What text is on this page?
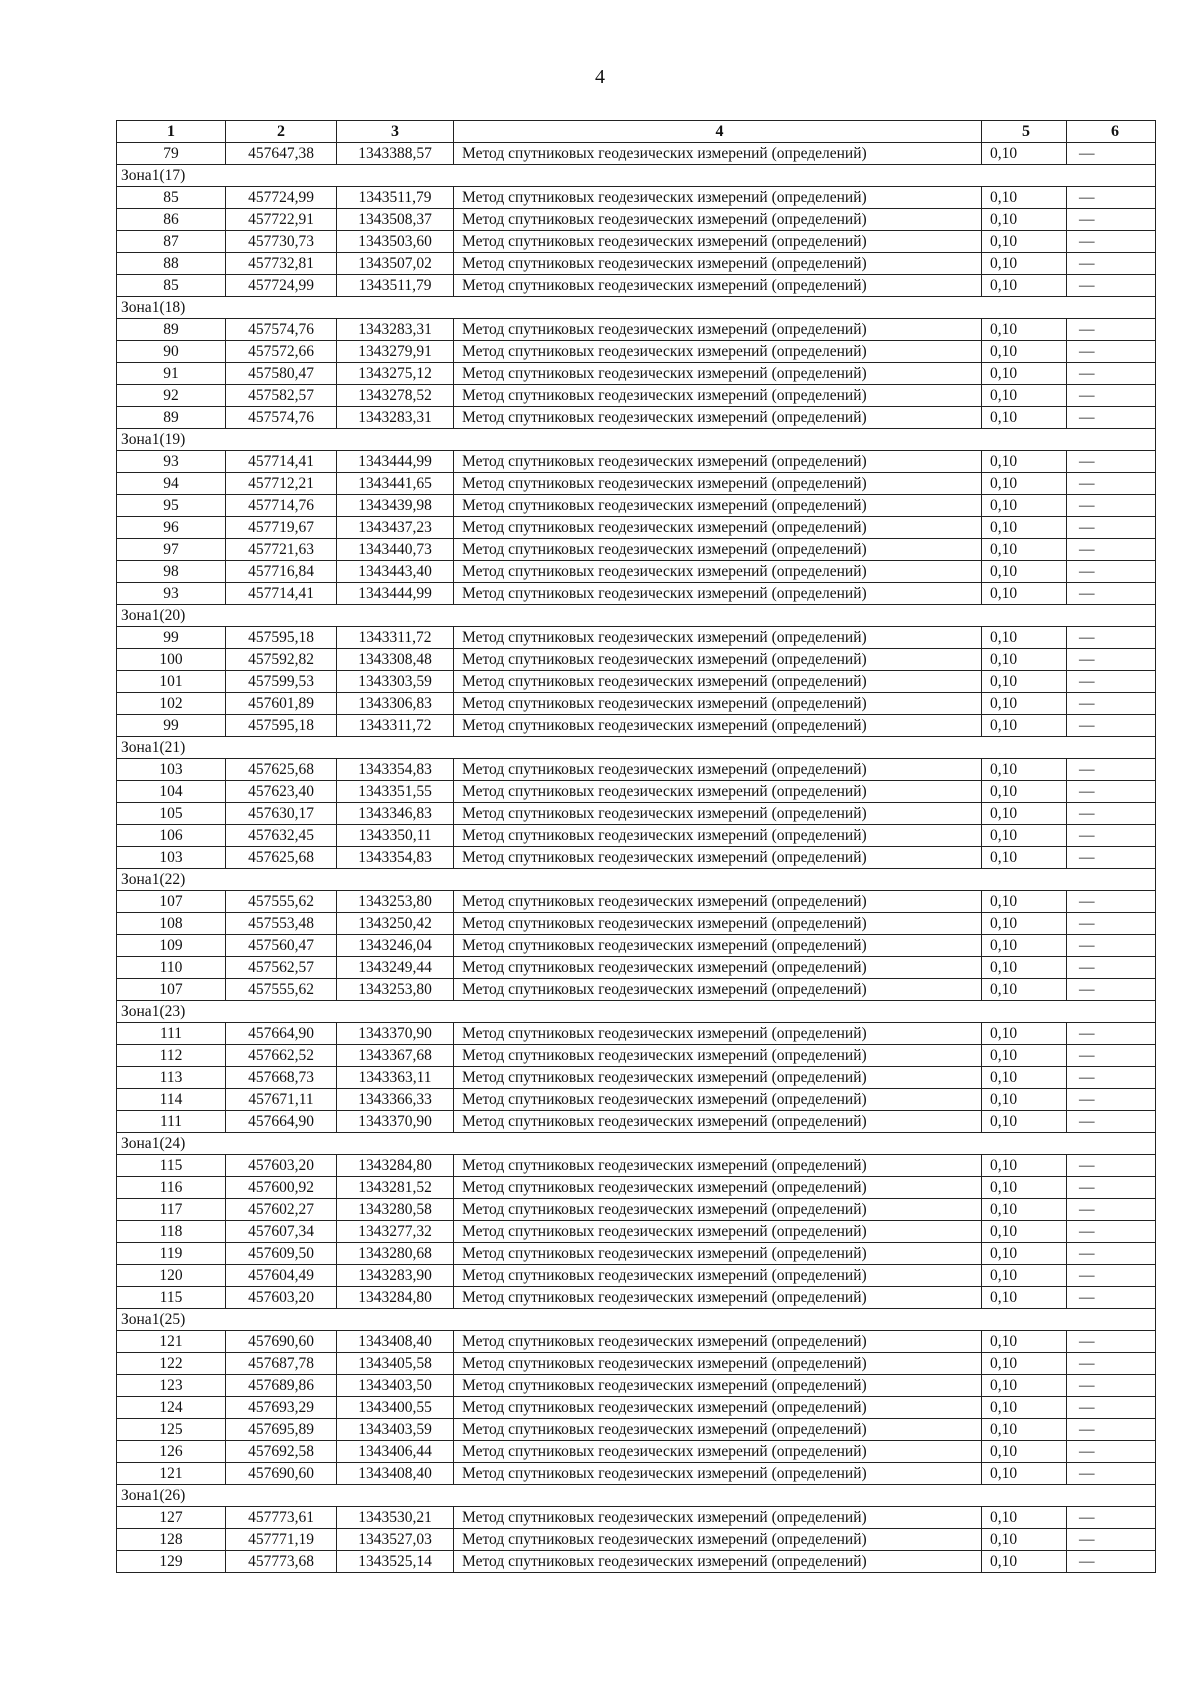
4
1	2	3	4	5	6
79	457647,38	1343388,57	Метод спутниковых геодезических измерений (определений)	0,10	—
Зона1(17)					
85	457724,99	1343511,79	Метод спутниковых геодезических измерений (определений)	0,10	—
86	457722,91	1343508,37	Метод спутниковых геодезических измерений (определений)	0,10	—
87	457730,73	1343503,60	Метод спутниковых геодезических измерений (определений)	0,10	—
88	457732,81	1343507,02	Метод спутниковых геодезических измерений (определений)	0,10	—
85	457724,99	1343511,79	Метод спутниковых геодезических измерений (определений)	0,10	—
Зона1(18)					
89	457574,76	1343283,31	Метод спутниковых геодезических измерений (определений)	0,10	—
90	457572,66	1343279,91	Метод спутниковых геодезических измерений (определений)	0,10	—
91	457580,47	1343275,12	Метод спутниковых геодезических измерений (определений)	0,10	—
92	457582,57	1343278,52	Метод спутниковых геодезических измерений (определений)	0,10	—
89	457574,76	1343283,31	Метод спутниковых геодезических измерений (определений)	0,10	—
Зона1(19)					
93	457714,41	1343444,99	Метод спутниковых геодезических измерений (определений)	0,10	—
94	457712,21	1343441,65	Метод спутниковых геодезических измерений (определений)	0,10	—
95	457714,76	1343439,98	Метод спутниковых геодезических измерений (определений)	0,10	—
96	457719,67	1343437,23	Метод спутниковых геодезических измерений (определений)	0,10	—
97	457721,63	1343440,73	Метод спутниковых геодезических измерений (определений)	0,10	—
98	457716,84	1343443,40	Метод спутниковых геодезических измерений (определений)	0,10	—
93	457714,41	1343444,99	Метод спутниковых геодезических измерений (определений)	0,10	—
Зона1(20)					
99	457595,18	1343311,72	Метод спутниковых геодезических измерений (определений)	0,10	—
100	457592,82	1343308,48	Метод спутниковых геодезических измерений (определений)	0,10	—
101	457599,53	1343303,59	Метод спутниковых геодезических измерений (определений)	0,10	—
102	457601,89	1343306,83	Метод спутниковых геодезических измерений (определений)	0,10	—
99	457595,18	1343311,72	Метод спутниковых геодезических измерений (определений)	0,10	—
Зона1(21)					
103	457625,68	1343354,83	Метод спутниковых геодезических измерений (определений)	0,10	—
104	457623,40	1343351,55	Метод спутниковых геодезических измерений (определений)	0,10	—
105	457630,17	1343346,83	Метод спутниковых геодезических измерений (определений)	0,10	—
106	457632,45	1343350,11	Метод спутниковых геодезических измерений (определений)	0,10	—
103	457625,68	1343354,83	Метод спутниковых геодезических измерений (определений)	0,10	—
Зона1(22)					
107	457555,62	1343253,80	Метод спутниковых геодезических измерений (определений)	0,10	—
108	457553,48	1343250,42	Метод спутниковых геодезических измерений (определений)	0,10	—
109	457560,47	1343246,04	Метод спутниковых геодезических измерений (определений)	0,10	—
110	457562,57	1343249,44	Метод спутниковых геодезических измерений (определений)	0,10	—
107	457555,62	1343253,80	Метод спутниковых геодезических измерений (определений)	0,10	—
Зона1(23)					
111	457664,90	1343370,90	Метод спутниковых геодезических измерений (определений)	0,10	—
112	457662,52	1343367,68	Метод спутниковых геодезических измерений (определений)	0,10	—
113	457668,73	1343363,11	Метод спутниковых геодезических измерений (определений)	0,10	—
114	457671,11	1343366,33	Метод спутниковых геодезических измерений (определений)	0,10	—
111	457664,90	1343370,90	Метод спутниковых геодезических измерений (определений)	0,10	—
Зона1(24)					
115	457603,20	1343284,80	Метод спутниковых геодезических измерений (определений)	0,10	—
116	457600,92	1343281,52	Метод спутниковых геодезических измерений (определений)	0,10	—
117	457602,27	1343280,58	Метод спутниковых геодезических измерений (определений)	0,10	—
118	457607,34	1343277,32	Метод спутниковых геодезических измерений (определений)	0,10	—
119	457609,50	1343280,68	Метод спутниковых геодезических измерений (определений)	0,10	—
120	457604,49	1343283,90	Метод спутниковых геодезических измерений (определений)	0,10	—
115	457603,20	1343284,80	Метод спутниковых геодезических измерений (определений)	0,10	—
Зона1(25)					
121	457690,60	1343408,40	Метод спутниковых геодезических измерений (определений)	0,10	—
122	457687,78	1343405,58	Метод спутниковых геодезических измерений (определений)	0,10	—
123	457689,86	1343403,50	Метод спутниковых геодезических измерений (определений)	0,10	—
124	457693,29	1343400,55	Метод спутниковых геодезических измерений (определений)	0,10	—
125	457695,89	1343403,59	Метод спутниковых геодезических измерений (определений)	0,10	—
126	457692,58	1343406,44	Метод спутниковых геодезических измерений (определений)	0,10	—
121	457690,60	1343408,40	Метод спутниковых геодезических измерений (определений)	0,10	—
Зона1(26)					
127	457773,61	1343530,21	Метод спутниковых геодезических измерений (определений)	0,10	—
128	457771,19	1343527,03	Метод спутниковых геодезических измерений (определений)	0,10	—
129	457773,68	1343525,14	Метод спутниковых геодезических измерений (определений)	0,10	—
